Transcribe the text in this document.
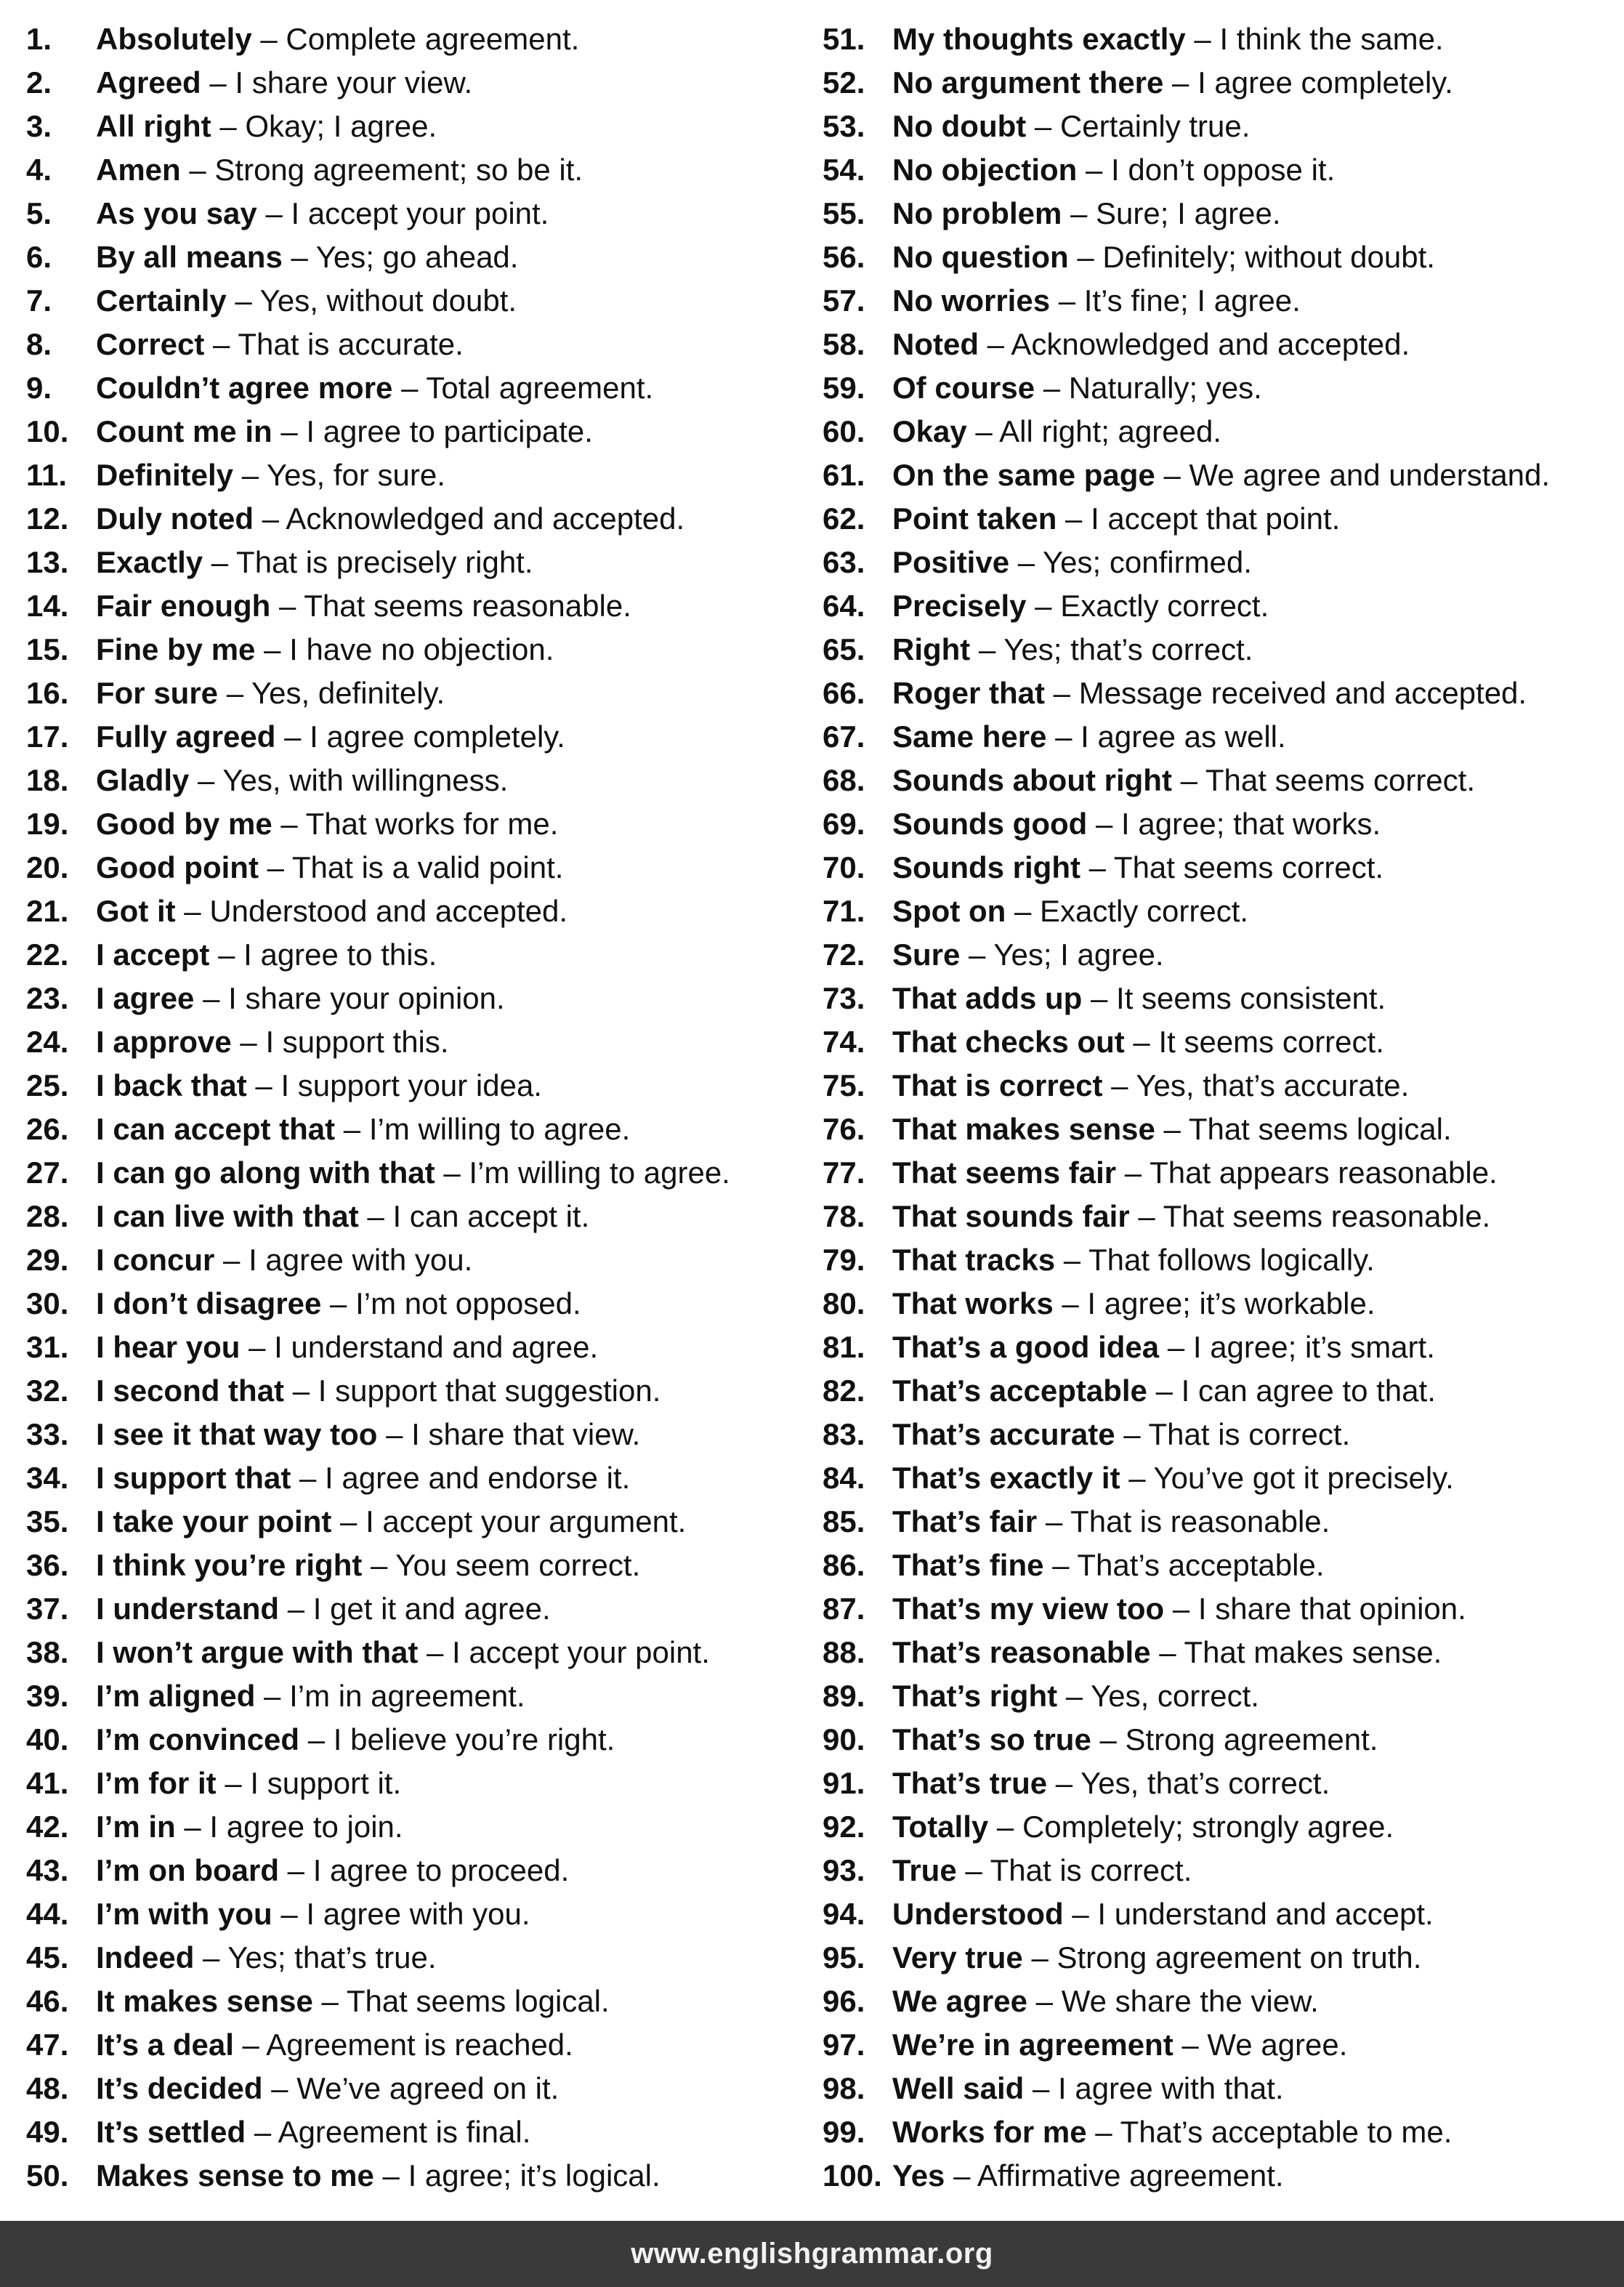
1. Absolutely – Complete agreement.
2. Agreed – I share your view.
3. All right – Okay; I agree.
4. Amen – Strong agreement; so be it.
5. As you say – I accept your point.
6. By all means – Yes; go ahead.
7. Certainly – Yes, without doubt.
8. Correct – That is accurate.
9. Couldn’t agree more – Total agreement.
10. Count me in – I agree to participate.
11. Definitely – Yes, for sure.
12. Duly noted – Acknowledged and accepted.
13. Exactly – That is precisely right.
14. Fair enough – That seems reasonable.
15. Fine by me – I have no objection.
16. For sure – Yes, definitely.
17. Fully agreed – I agree completely.
18. Gladly – Yes, with willingness.
19. Good by me – That works for me.
20. Good point – That is a valid point.
21. Got it – Understood and accepted.
22. I accept – I agree to this.
23. I agree – I share your opinion.
24. I approve – I support this.
25. I back that – I support your idea.
26. I can accept that – I’m willing to agree.
27. I can go along with that – I’m willing to agree.
28. I can live with that – I can accept it.
29. I concur – I agree with you.
30. I don’t disagree – I’m not opposed.
31. I hear you – I understand and agree.
32. I second that – I support that suggestion.
33. I see it that way too – I share that view.
34. I support that – I agree and endorse it.
35. I take your point – I accept your argument.
36. I think you’re right – You seem correct.
37. I understand – I get it and agree.
38. I won’t argue with that – I accept your point.
39. I’m aligned – I’m in agreement.
40. I’m convinced – I believe you’re right.
41. I’m for it – I support it.
42. I’m in – I agree to join.
43. I’m on board – I agree to proceed.
44. I’m with you – I agree with you.
45. Indeed – Yes; that’s true.
46. It makes sense – That seems logical.
47. It’s a deal – Agreement is reached.
48. It’s decided – We’ve agreed on it.
49. It’s settled – Agreement is final.
50. Makes sense to me – I agree; it’s logical.
51. My thoughts exactly – I think the same.
52. No argument there – I agree completely.
53. No doubt – Certainly true.
54. No objection – I don’t oppose it.
55. No problem – Sure; I agree.
56. No question – Definitely; without doubt.
57. No worries – It’s fine; I agree.
58. Noted – Acknowledged and accepted.
59. Of course – Naturally; yes.
60. Okay – All right; agreed.
61. On the same page – We agree and understand.
62. Point taken – I accept that point.
63. Positive – Yes; confirmed.
64. Precisely – Exactly correct.
65. Right – Yes; that’s correct.
66. Roger that – Message received and accepted.
67. Same here – I agree as well.
68. Sounds about right – That seems correct.
69. Sounds good – I agree; that works.
70. Sounds right – That seems correct.
71. Spot on – Exactly correct.
72. Sure – Yes; I agree.
73. That adds up – It seems consistent.
74. That checks out – It seems correct.
75. That is correct – Yes, that’s accurate.
76. That makes sense – That seems logical.
77. That seems fair – That appears reasonable.
78. That sounds fair – That seems reasonable.
79. That tracks – That follows logically.
80. That works – I agree; it’s workable.
81. That’s a good idea – I agree; it’s smart.
82. That’s acceptable – I can agree to that.
83. That’s accurate – That is correct.
84. That’s exactly it – You’ve got it precisely.
85. That’s fair – That is reasonable.
86. That’s fine – That’s acceptable.
87. That’s my view too – I share that opinion.
88. That’s reasonable – That makes sense.
89. That’s right – Yes, correct.
90. That’s so true – Strong agreement.
91. That’s true – Yes, that’s correct.
92. Totally – Completely; strongly agree.
93. True – That is correct.
94. Understood – I understand and accept.
95. Very true – Strong agreement on truth.
96. We agree – We share the view.
97. We’re in agreement – We agree.
98. Well said – I agree with that.
99. Works for me – That’s acceptable to me.
100. Yes – Affirmative agreement.
www.englishgrammar.org
